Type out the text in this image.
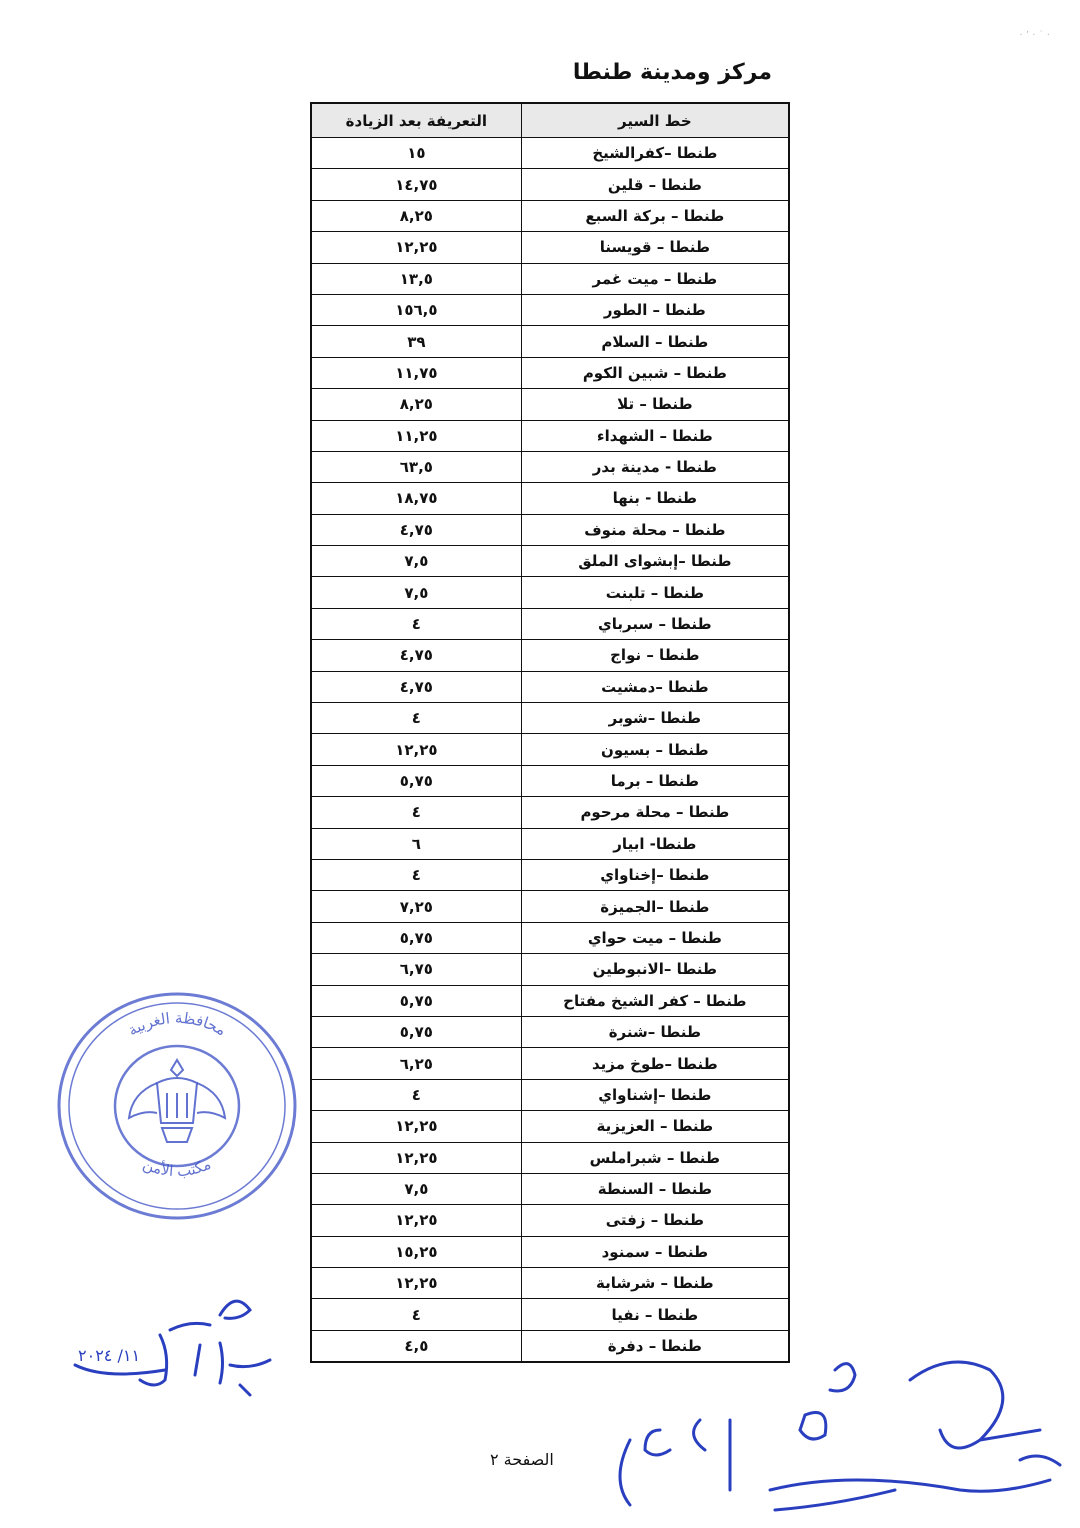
· ٬ · ˙ ·
مركز ومدينة طنطا
خط السير	التعريفة بعد الزيادة
طنطا –كفرالشيخ	١٥
طنطا – قلين	١٤,٧٥
طنطا – بركة السبع	٨,٢٥
طنطا – قويسنا	١٢,٢٥
طنطا – ميت غمر	١٣,٥
طنطا – الطور	١٥٦,٥
طنطا – السلام	٣٩
طنطا – شبين الكوم	١١,٧٥
طنطا – تلا	٨,٢٥
طنطا – الشهداء	١١,٢٥
طنطا - مدينة بدر	٦٣,٥
طنطا - بنها	١٨,٧٥
طنطا – محلة منوف	٤,٧٥
طنطا –إبشواى الملق	٧,٥
طنطا – تلبنت	٧,٥
طنطا – سبرباي	٤
طنطا – نواج	٤,٧٥
طنطا –دمشيت	٤,٧٥
طنطا –شوبر	٤
طنطا – بسيون	١٢,٢٥
طنطا – برما	٥,٧٥
طنطا – محلة مرحوم	٤
طنطا- ابيار	٦
طنطا –إخناواي	٤
طنطا –الجميزة	٧,٢٥
طنطا – ميت حواي	٥,٧٥
طنطا –الانبوطين	٦,٧٥
طنطا – كفر الشيخ مفتاح	٥,٧٥
طنطا –شنرة	٥,٧٥
طنطا –طوخ مزيد	٦,٢٥
طنطا –إشناواي	٤
طنطا – العزيزية	١٢,٢٥
طنطا – شبراملس	١٢,٢٥
طنطا – السنطة	٧,٥
طنطا – زفتى	١٢,٢٥
طنطا – سمنود	١٥,٢٥
طنطا – شرشابة	١٢,٢٥
طنطا – نفيا	٤
طنطا – دفرة	٤,٥
الصفحة ٢
محافظة الغربية
مكتب الأمن
١١/ ٢٠٢٤
